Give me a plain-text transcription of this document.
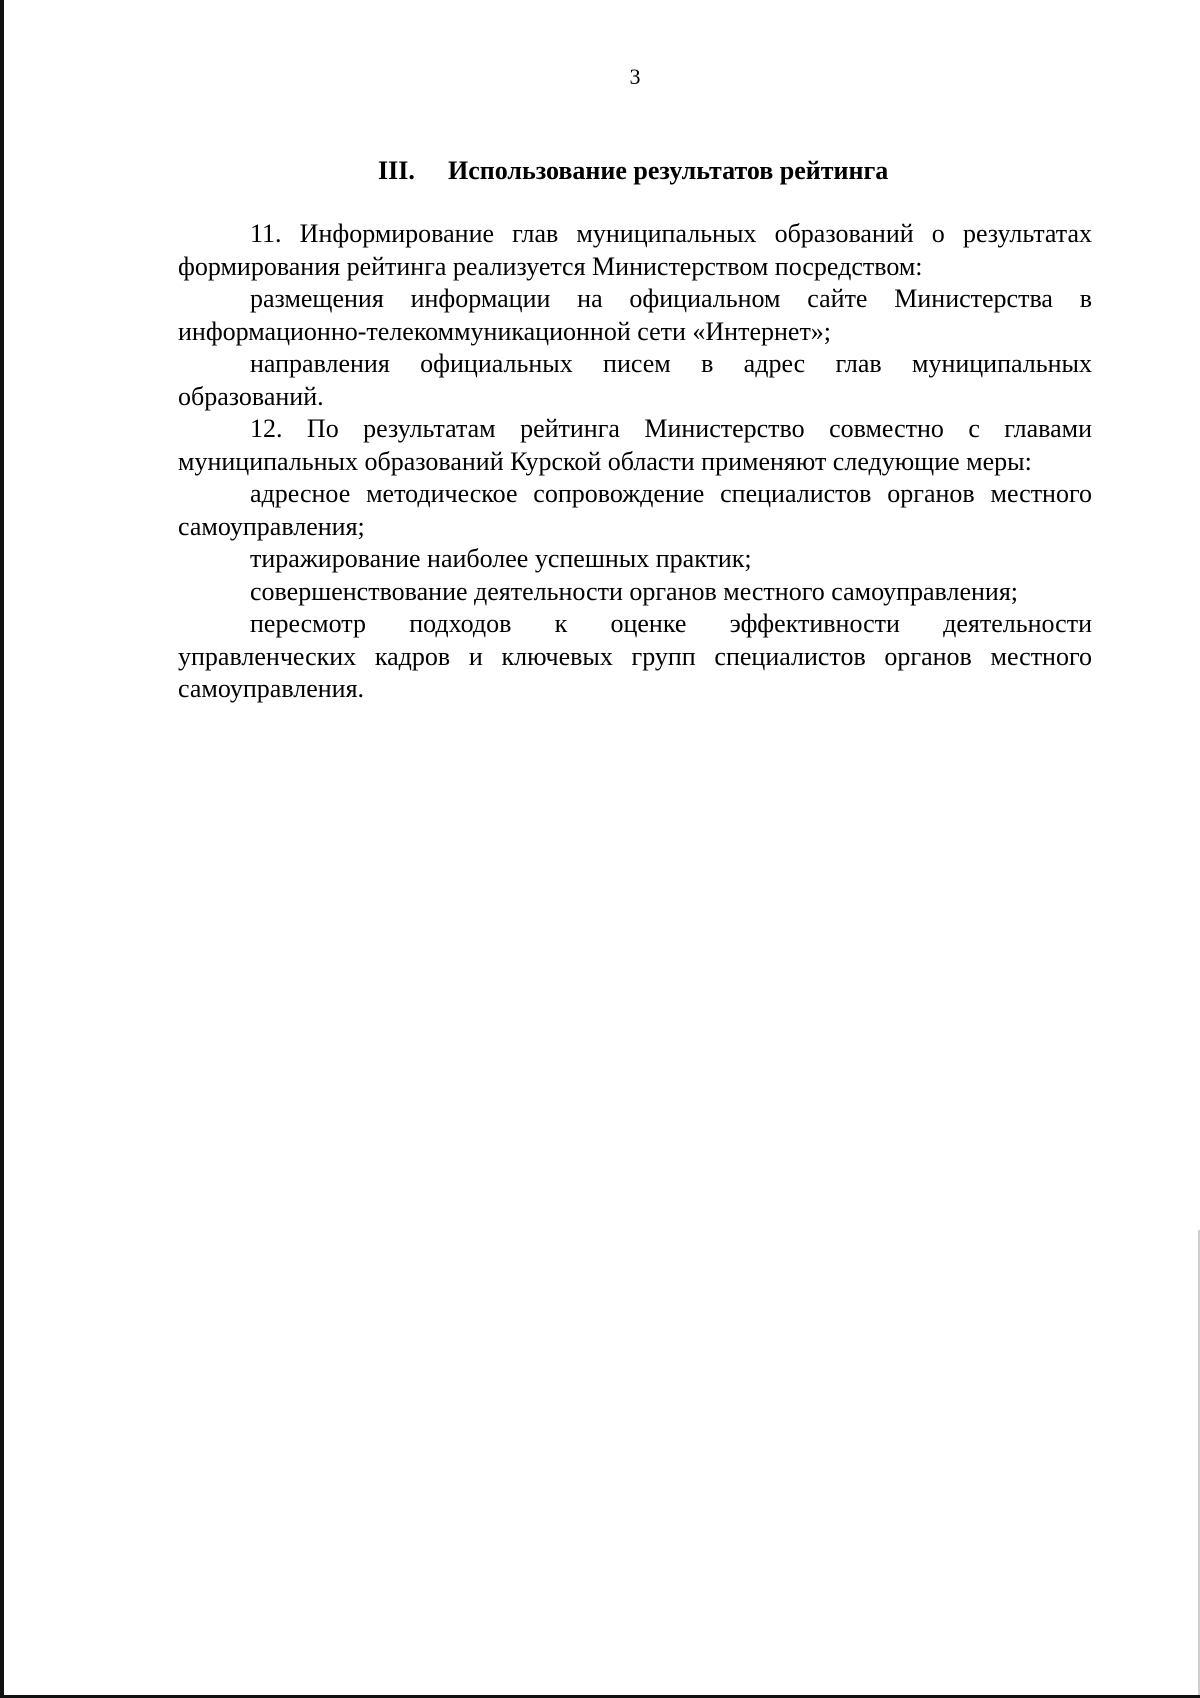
3
III. Использование результатов рейтинга

11. Информирование глав муниципальных образований о результатах формирования рейтинга реализуется Министерством посредством:

размещения информации на официальном сайте Министерства в информационно-телекоммуникационной сети «Интернет»;

направления официальных писем в адрес глав муниципальных образований.

12. По результатам рейтинга Министерство совместно с главами муниципальных образований Курской области применяют следующие меры:

адресное методическое сопровождение специалистов органов местного самоуправления;

тиражирование наиболее успешных практик;

совершенствование деятельности органов местного самоуправления;

пересмотр подходов к оценке эффективности деятельности управленческих кадров и ключевых групп специалистов органов местного самоуправления.
